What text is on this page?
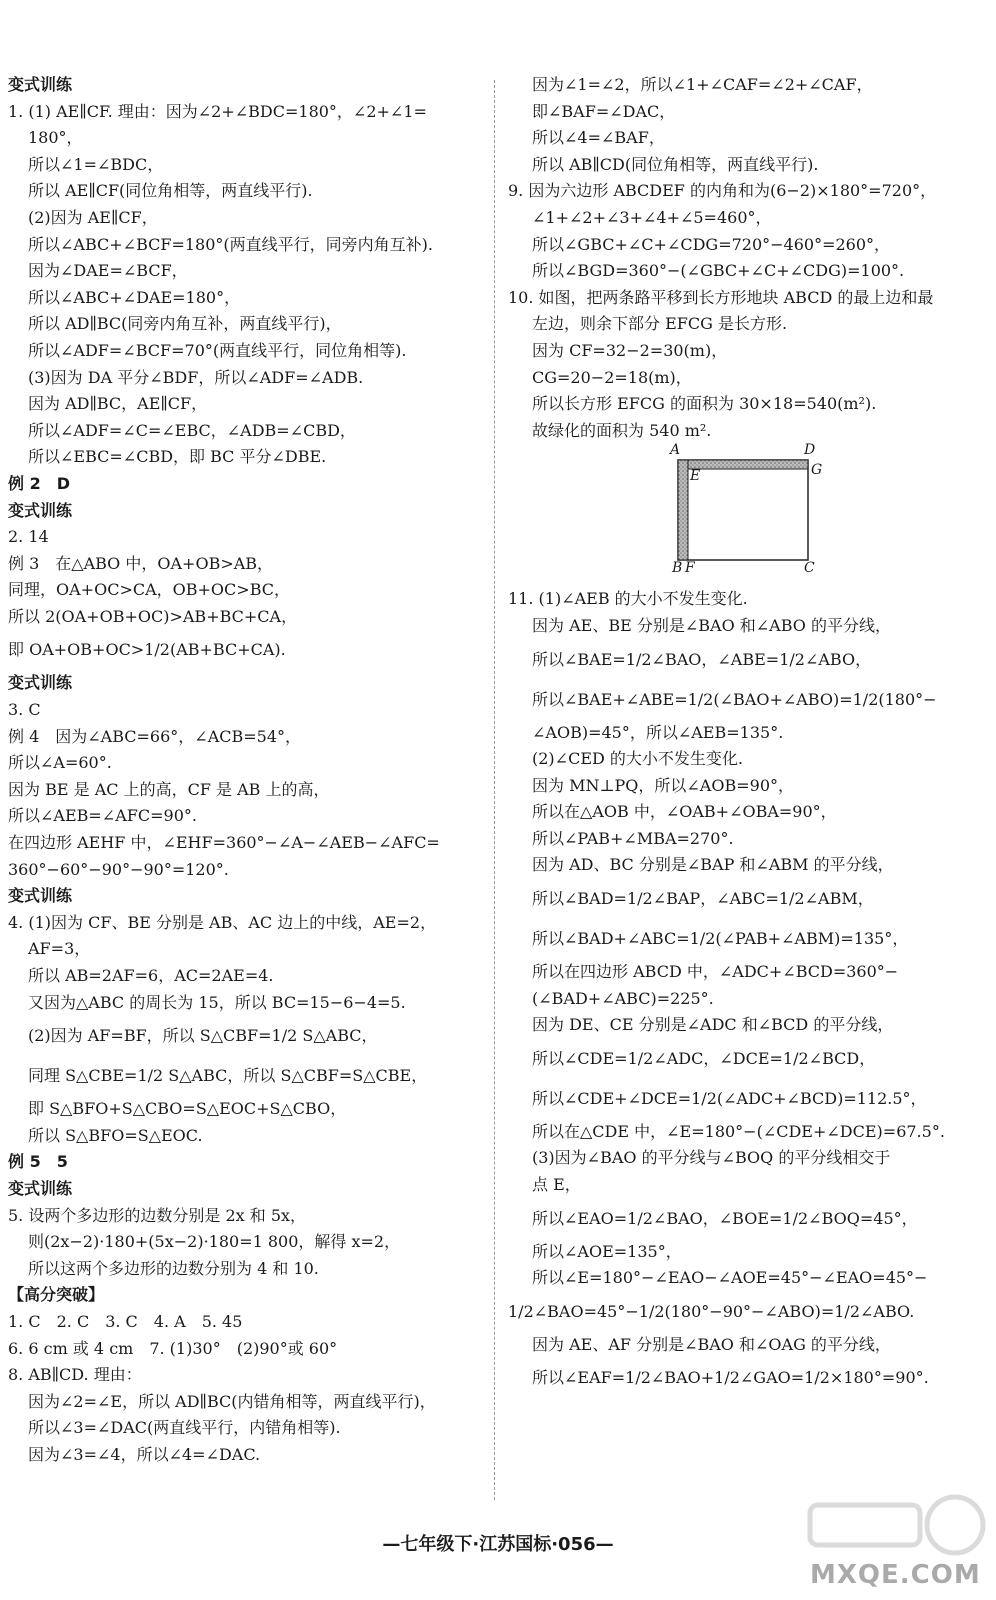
变式训练
1. (1) AE∥CF. 理由：因为∠2+∠BDC=180°，∠2+∠1=
180°，
所以∠1=∠BDC，
所以 AE∥CF(同位角相等，两直线平行).
(2)因为 AE∥CF，
所以∠ABC+∠BCF=180°(两直线平行，同旁内角互补).
因为∠DAE=∠BCF，
所以∠ABC+∠DAE=180°，
所以 AD∥BC(同旁内角互补，两直线平行)，
所以∠ADF=∠BCF=70°(两直线平行，同位角相等).
(3)因为 DA 平分∠BDF，所以∠ADF=∠ADB.
因为 AD∥BC，AE∥CF，
所以∠ADF=∠C=∠EBC，∠ADB=∠CBD，
所以∠EBC=∠CBD，即 BC 平分∠DBE.
例 2　D
变式训练
2. 14
例 3　在△ABO 中，OA+OB>AB，
同理，OA+OC>CA，OB+OC>BC，
所以 2(OA+OB+OC)>AB+BC+CA，
即 OA+OB+OC>1/2(AB+BC+CA).
变式训练
3. C
例 4　因为∠ABC=66°，∠ACB=54°，
所以∠A=60°.
因为 BE 是 AC 上的高，CF 是 AB 上的高，
所以∠AEB=∠AFC=90°.
在四边形 AEHF 中，∠EHF=360°−∠A−∠AEB−∠AFC=
360°−60°−90°−90°=120°.
变式训练
4. (1)因为 CF、BE 分别是 AB、AC 边上的中线，AE=2，
AF=3，
所以 AB=2AF=6，AC=2AE=4.
又因为△ABC 的周长为 15，所以 BC=15−6−4=5.
(2)因为 AF=BF，所以 S△CBF=1/2 S△ABC，
同理 S△CBE=1/2 S△ABC，所以 S△CBF=S△CBE，
即 S△BFO+S△CBO=S△EOC+S△CBO，
所以 S△BFO=S△EOC.
例 5　5
变式训练
5. 设两个多边形的边数分别是 2x 和 5x，
则(2x−2)·180+(5x−2)·180=1 800，解得 x=2，
所以这两个多边形的边数分别为 4 和 10.
【高分突破】
1. C　2. C　3. C　4. A　5. 45
6. 6 cm 或 4 cm　7. (1)30°　(2)90°或 60°
8. AB∥CD. 理由：
因为∠2=∠E，所以 AD∥BC(内错角相等，两直线平行)，
所以∠3=∠DAC(两直线平行，内错角相等).
因为∠3=∠4，所以∠4=∠DAC.
因为∠1=∠2，所以∠1+∠CAF=∠2+∠CAF，
即∠BAF=∠DAC，
所以∠4=∠BAF，
所以 AB∥CD(同位角相等，两直线平行).
9. 因为六边形 ABCDEF 的内角和为(6−2)×180°=720°，
∠1+∠2+∠3+∠4+∠5=460°，
所以∠GBC+∠C+∠CDG=720°−460°=260°，
所以∠BGD=360°−(∠GBC+∠C+∠CDG)=100°.
10. 如图，把两条路平移到长方形地块 ABCD 的最上边和最
左边，则余下部分 EFCG 是长方形.
因为 CF=32−2=30(m)，
CG=20−2=18(m)，
所以长方形 EFCG 的面积为 30×18=540(m²).
故绿化的面积为 540 m².
A	D
E	G
B F	C
11. (1)∠AEB 的大小不发生变化.
因为 AE、BE 分别是∠BAO 和∠ABO 的平分线，
所以∠BAE=1/2∠BAO，∠ABE=1/2∠ABO，
所以∠BAE+∠ABE=1/2(∠BAO+∠ABO)=1/2(180°−
∠AOB)=45°，所以∠AEB=135°.
(2)∠CED 的大小不发生变化.
因为 MN⊥PQ，所以∠AOB=90°，
所以在△AOB 中，∠OAB+∠OBA=90°，
所以∠PAB+∠MBA=270°.
因为 AD、BC 分别是∠BAP 和∠ABM 的平分线，
所以∠BAD=1/2∠BAP，∠ABC=1/2∠ABM，
所以∠BAD+∠ABC=1/2(∠PAB+∠ABM)=135°，
所以在四边形 ABCD 中，∠ADC+∠BCD=360°−
(∠BAD+∠ABC)=225°.
因为 DE、CE 分别是∠ADC 和∠BCD 的平分线，
所以∠CDE=1/2∠ADC，∠DCE=1/2∠BCD，
所以∠CDE+∠DCE=1/2(∠ADC+∠BCD)=112.5°，
所以在△CDE 中，∠E=180°−(∠CDE+∠DCE)=67.5°.
(3)因为∠BAO 的平分线与∠BOQ 的平分线相交于
点 E，
所以∠EAO=1/2∠BAO，∠BOE=1/2∠BOQ=45°，
所以∠AOE=135°，
所以∠E=180°−∠EAO−∠AOE=45°−∠EAO=45°−
1/2∠BAO=45°−1/2(180°−90°−∠ABO)=1/2∠ABO.
因为 AE、AF 分别是∠BAO 和∠OAG 的平分线，
所以∠EAF=1/2∠BAO+1/2∠GAO=1/2×180°=90°.
—七年级下·江苏国标·056—
MXQE.COM
